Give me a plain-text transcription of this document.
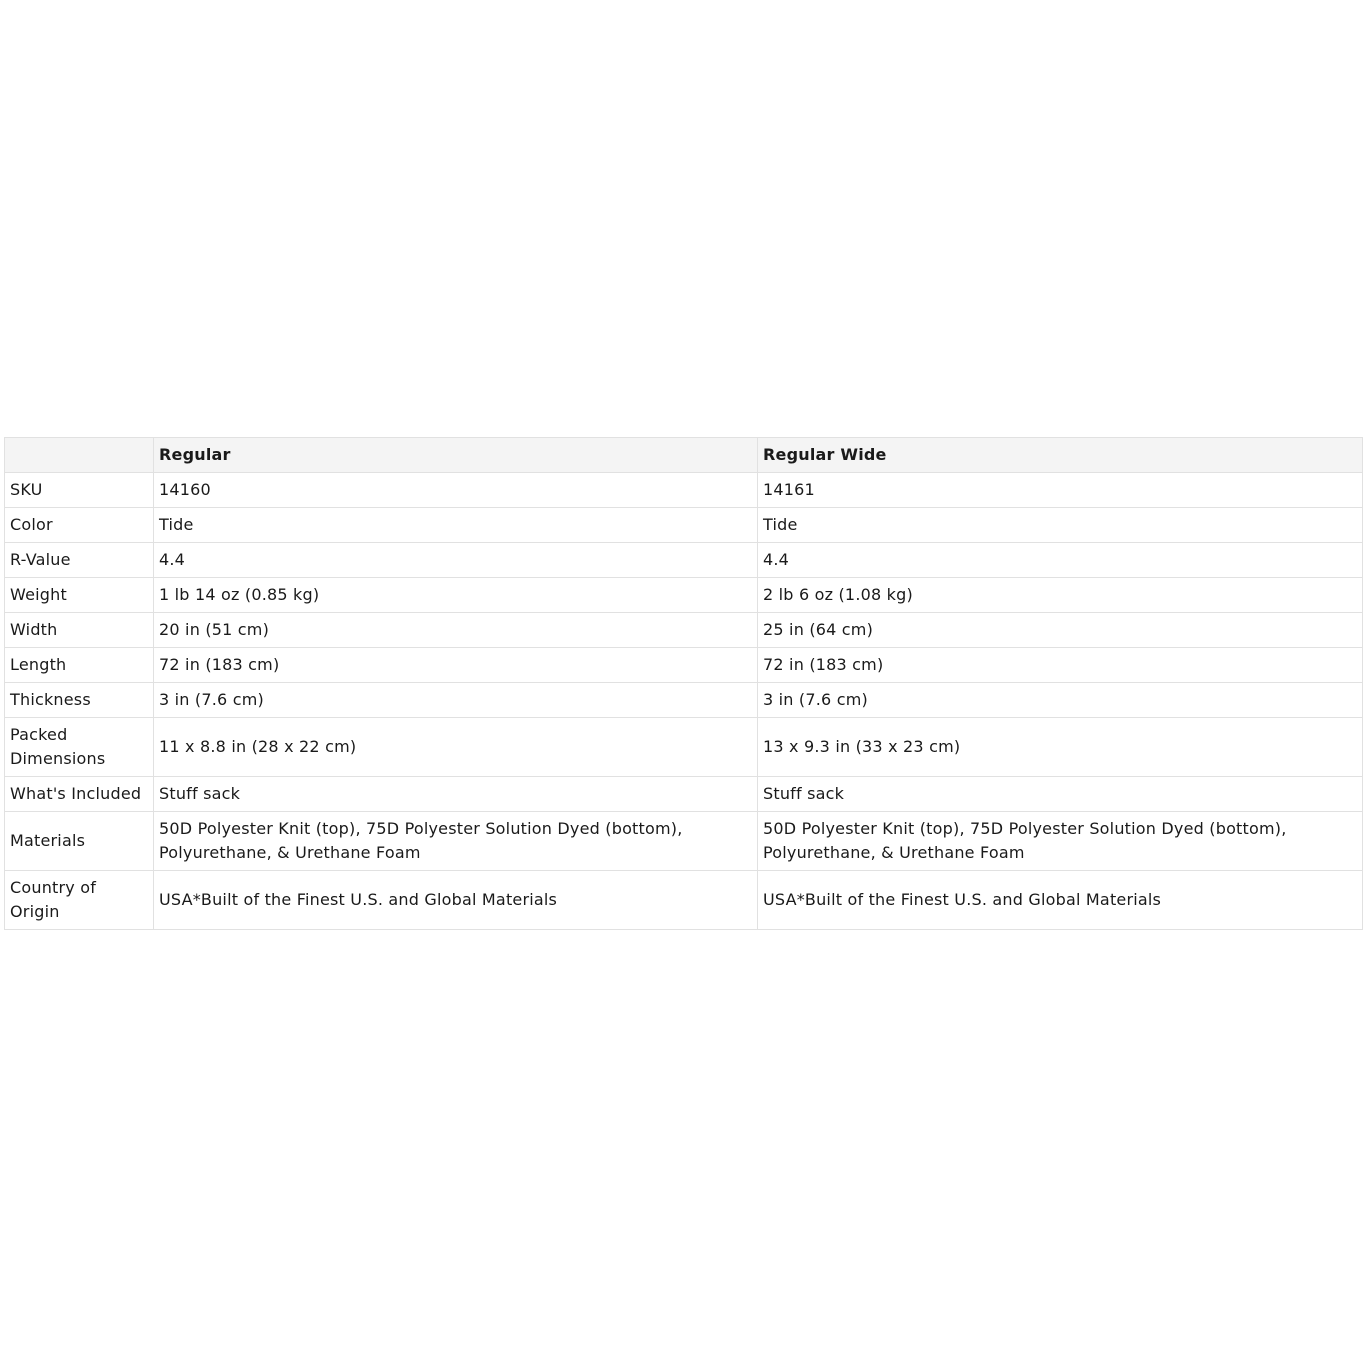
	Regular	Regular Wide
SKU	14160	14161
Color	Tide	Tide
R-Value	4.4	4.4
Weight	1 lb 14 oz (0.85 kg)	2 lb 6 oz (1.08 kg)
Width	20 in (51 cm)	25 in (64 cm)
Length	72 in (183 cm)	72 in (183 cm)
Thickness	3 in (7.6 cm)	3 in (7.6 cm)
Packed Dimensions	11 x 8.8 in (28 x 22 cm)	13 x 9.3 in (33 x 23 cm)
What's Included	Stuff sack	Stuff sack
Materials	50D Polyester Knit (top), 75D Polyester Solution Dyed (bottom), Polyurethane, & Urethane Foam	50D Polyester Knit (top), 75D Polyester Solution Dyed (bottom), Polyurethane, & Urethane Foam
Country of Origin	USA*Built of the Finest U.S. and Global Materials	USA*Built of the Finest U.S. and Global Materials
